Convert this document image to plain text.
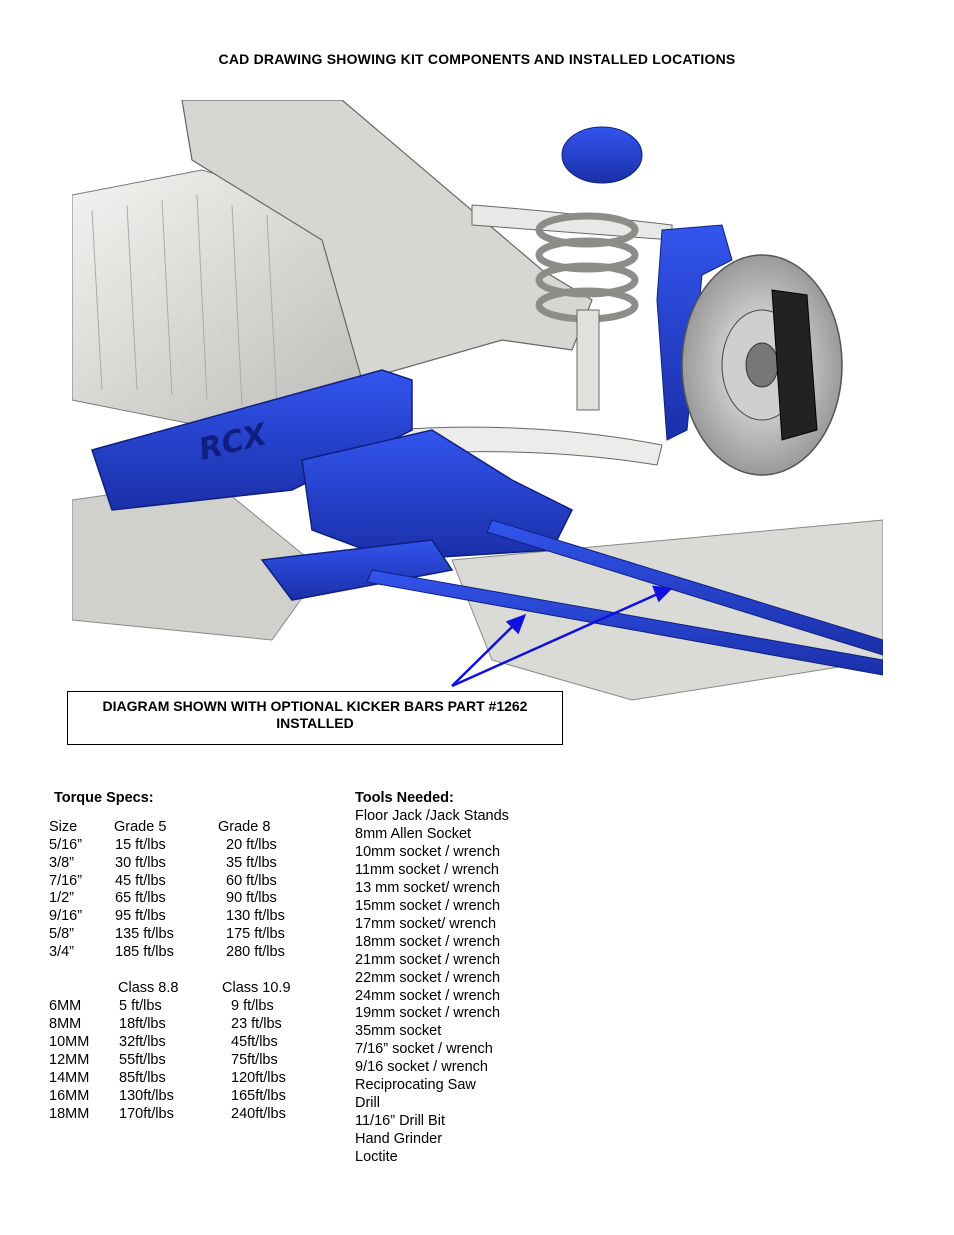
CAD DRAWING SHOWING KIT COMPONENTS AND INSTALLED LOCATIONS
RCX
DIAGRAM SHOWN WITH OPTIONAL KICKER BARS PART #1262 INSTALLED
Torque Specs:	Tools Needed:
Size	Grade 5	Grade 8
5/16” 15 ft/lbs	20 ft/lbs
3/8”	30 ft/lbs	35 ft/lbs
7/16” 45 ft/lbs	60 ft/lbs
1/2”	65 ft/lbs	90 ft/lbs
9/16” 95 ft/lbs	130 ft/lbs
5/8”	135 ft/lbs	175 ft/lbs
3/4”	185 ft/lbs	280 ft/lbs
Class 8.8	Class 10.9
6MM	5 ft/lbs	9 ft/lbs
8MM	18ft/lbs	23 ft/lbs
10MM 32ft/lbs	45ft/lbs
12MM 55ft/lbs	75ft/lbs
14MM 85ft/lbs	120ft/lbs
16MM 130ft/lbs	165ft/lbs
18MM 170ft/lbs	240ft/lbs
Floor Jack /Jack Stands
8mm Allen Socket
10mm socket / wrench
11mm socket / wrench
13 mm socket/ wrench
15mm socket / wrench
17mm socket/ wrench
18mm socket / wrench
21mm socket / wrench
22mm socket / wrench
24mm socket / wrench
19mm socket / wrench
35mm socket
7/16” socket / wrench
9/16 socket / wrench
Reciprocating Saw
Drill
11/16” Drill Bit
Hand Grinder
Loctite
